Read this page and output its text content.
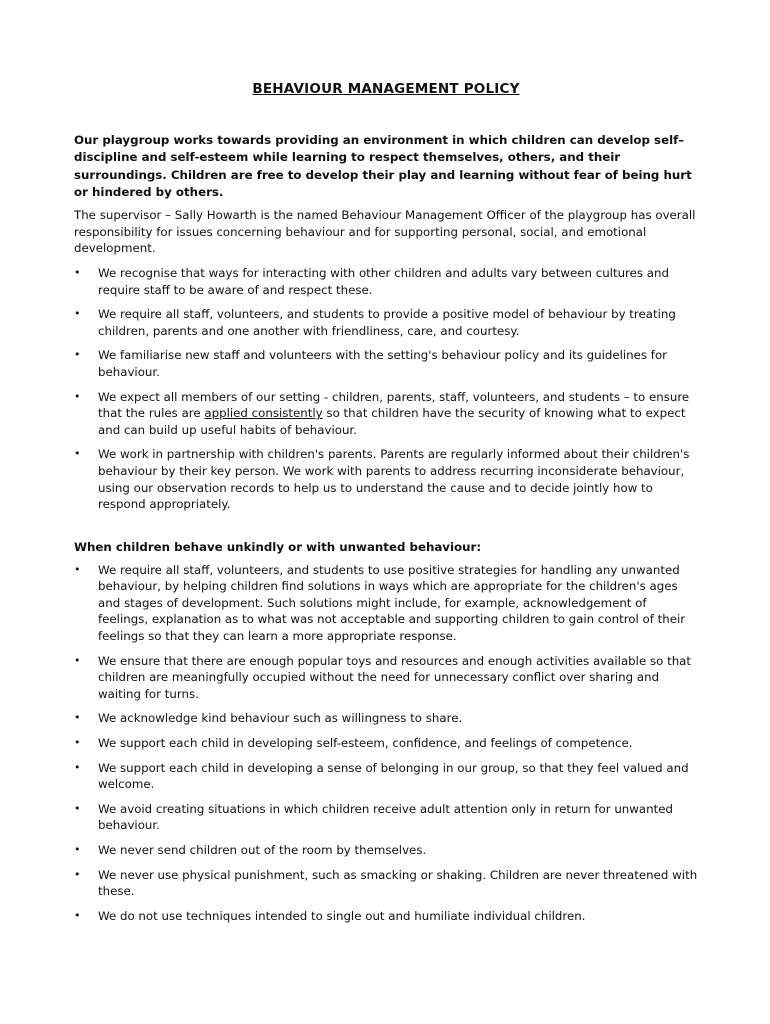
BEHAVIOUR MANAGEMENT POLICY

Our playgroup works towards providing an environment in which children can develop self–discipline and self-esteem while learning to respect themselves, others, and their surroundings. Children are free to develop their play and learning without fear of being hurt or hindered by others.

The supervisor – Sally Howarth is the named Behaviour Management Officer of the playgroup has overall responsibility for issues concerning behaviour and for supporting personal, social, and emotional development.

• We recognise that ways for interacting with other children and adults vary between cultures and require staff to be aware of and respect these.
• We require all staff, volunteers, and students to provide a positive model of behaviour by treating children, parents and one another with friendliness, care, and courtesy.
• We familiarise new staff and volunteers with the setting's behaviour policy and its guidelines for behaviour.
• We expect all members of our setting - children, parents, staff, volunteers, and students – to ensure that the rules are applied consistently so that children have the security of knowing what to expect and can build up useful habits of behaviour.
• We work in partnership with children's parents. Parents are regularly informed about their children's behaviour by their key person. We work with parents to address recurring inconsiderate behaviour, using our observation records to help us to understand the cause and to decide jointly how to respond appropriately.
When children behave unkindly or with unwanted behaviour:
• We require all staff, volunteers, and students to use positive strategies for handling any unwanted behaviour, by helping children find solutions in ways which are appropriate for the children's ages and stages of development. Such solutions might include, for example, acknowledgement of feelings, explanation as to what was not acceptable and supporting children to gain control of their feelings so that they can learn a more appropriate response.
• We ensure that there are enough popular toys and resources and enough activities available so that children are meaningfully occupied without the need for unnecessary conflict over sharing and waiting for turns.
• We acknowledge kind behaviour such as willingness to share.
• We support each child in developing self-esteem, confidence, and feelings of competence.
• We support each child in developing a sense of belonging in our group, so that they feel valued and welcome.
• We avoid creating situations in which children receive adult attention only in return for unwanted behaviour.
• We never send children out of the room by themselves.
• We never use physical punishment, such as smacking or shaking. Children are never threatened with these.
• We do not use techniques intended to single out and humiliate individual children.
